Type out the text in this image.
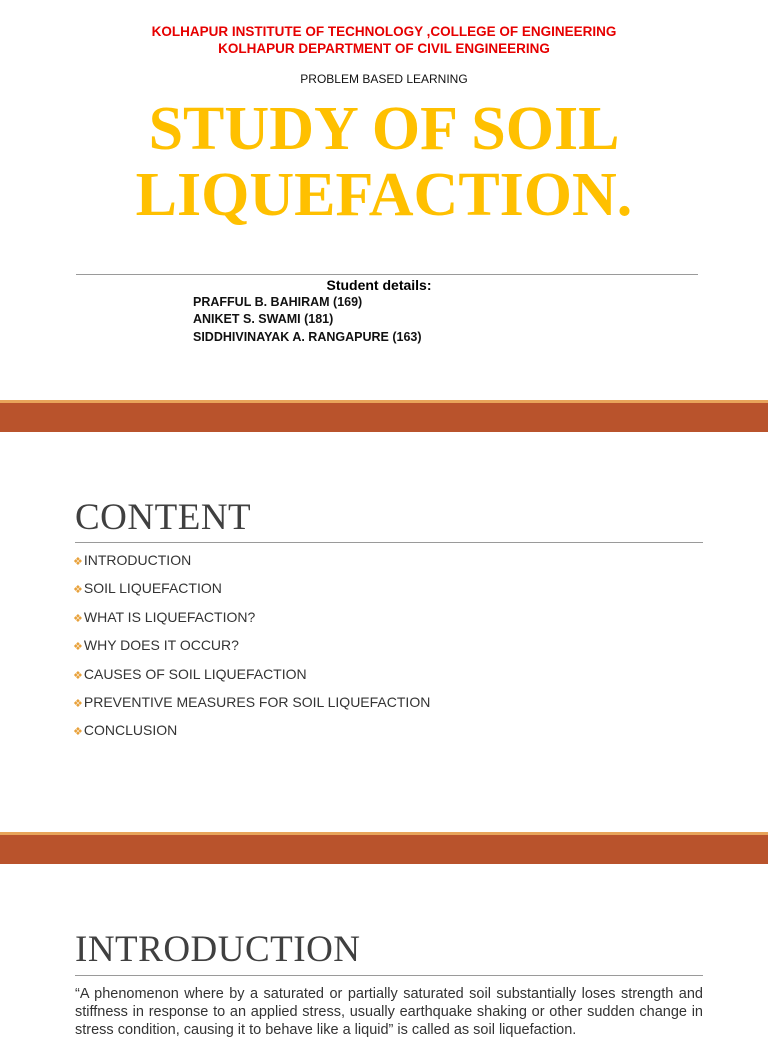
KOLHAPUR INSTITUTE OF TECHNOLOGY ,COLLEGE OF ENGINEERING
KOLHAPUR DEPARTMENT OF CIVIL ENGINEERING
PROBLEM BASED LEARNING
STUDY OF SOIL
LIQUEFACTION.
Student details:
PRAFFUL B. BAHIRAM (169)
ANIKET S. SWAMI (181)
SIDDHIVINAYAK A. RANGAPURE (163)
CONTENT
❖INTRODUCTION
❖SOIL LIQUEFACTION
❖WHAT IS LIQUEFACTION?
❖WHY DOES IT OCCUR?
❖CAUSES OF SOIL LIQUEFACTION
❖PREVENTIVE MEASURES FOR SOIL LIQUEFACTION
❖CONCLUSION
INTRODUCTION
“A phenomenon where by a saturated or partially saturated soil substantially loses strength and stiffness in response to an applied stress, usually earthquake shaking or other sudden change in stress condition, causing it to behave like a liquid” is called as soil liquefaction.
